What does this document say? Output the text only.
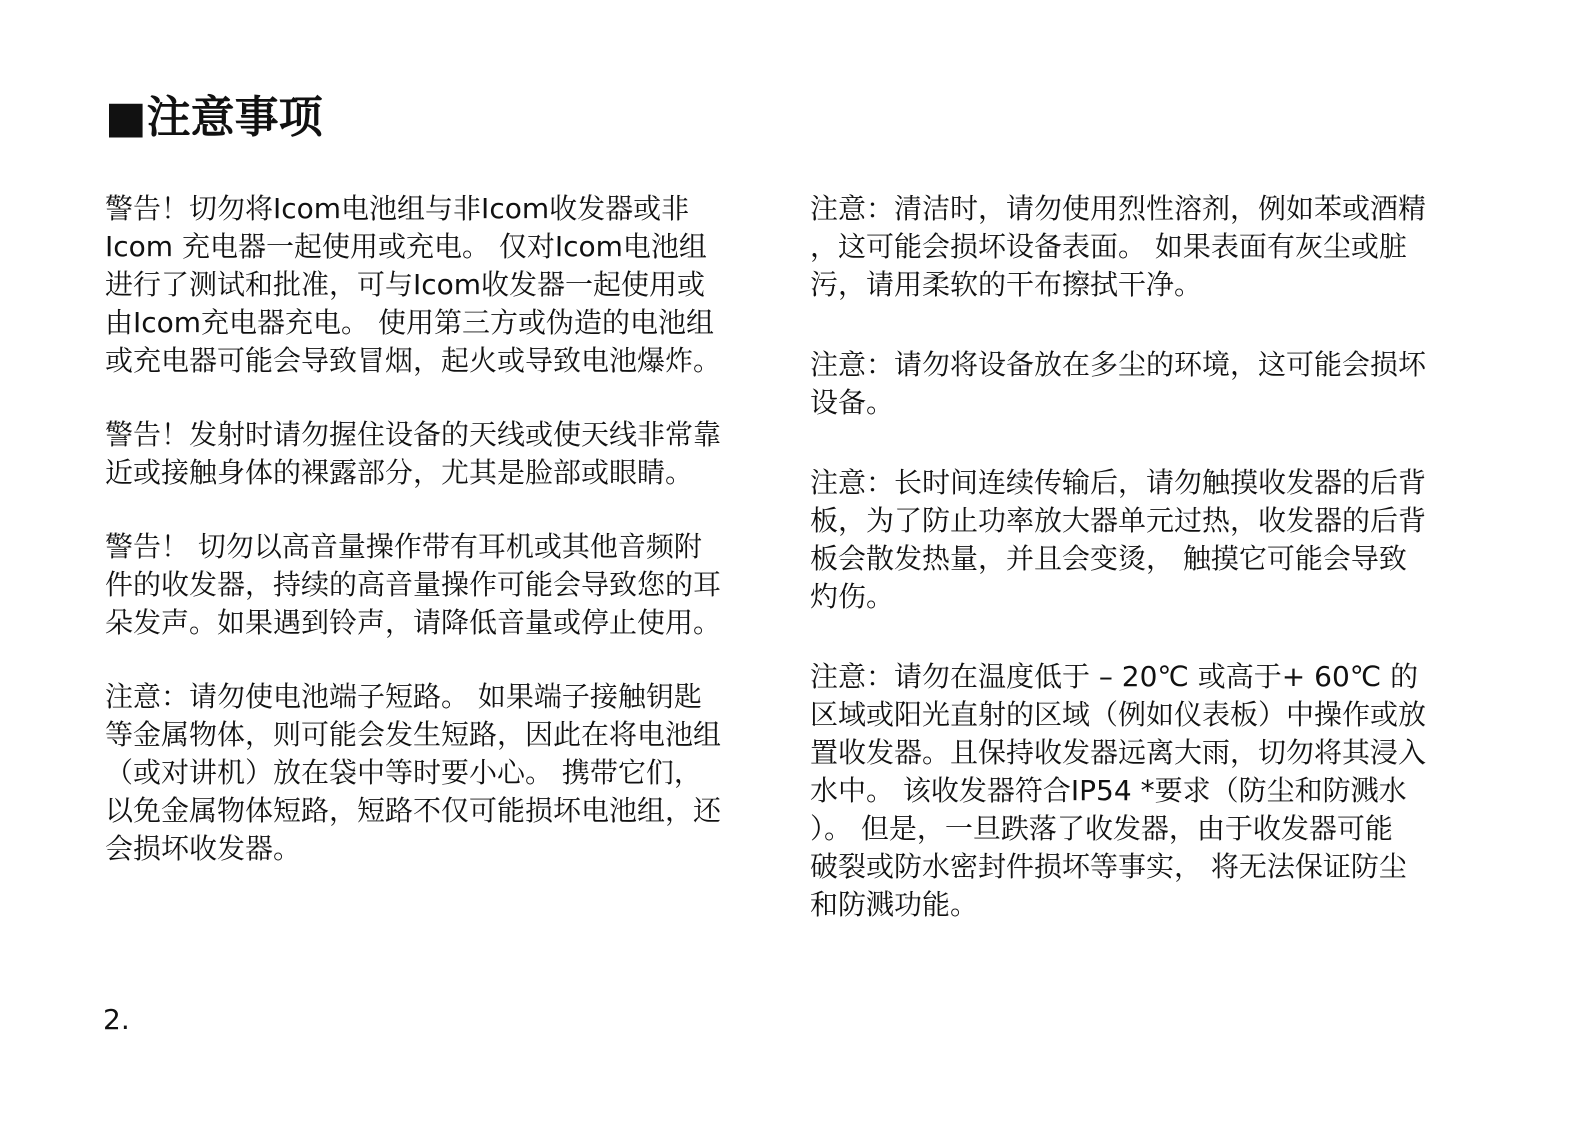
■注意事项

警告！切勿将Icom电池组与非Icom收发器或非
Icom 充电器一起使用或充电。 仅对Icom电池组
进行了测试和批准，可与Icom收发器一起使用或
由Icom充电器充电。 使用第三方或伪造的电池组
或充电器可能会导致冒烟，起火或导致电池爆炸。

警告！发射时请勿握住设备的天线或使天线非常靠
近或接触身体的裸露部分，尤其是脸部或眼睛。

警告！ 切勿以高音量操作带有耳机或其他音频附
件的收发器，持续的高音量操作可能会导致您的耳
朵发声。如果遇到铃声，请降低音量或停止使用。

注意：请勿使电池端子短路。 如果端子接触钥匙
等金属物体，则可能会发生短路，因此在将电池组
（或对讲机）放在袋中等时要小心。 携带它们，
以免金属物体短路，短路不仅可能损坏电池组，还
会损坏收发器。

注意：清洁时，请勿使用烈性溶剂，例如苯或酒精
，这可能会损坏设备表面。 如果表面有灰尘或脏
污，请用柔软的干布擦拭干净。

注意：请勿将设备放在多尘的环境，这可能会损坏
设备。

注意：长时间连续传输后，请勿触摸收发器的后背
板，为了防止功率放大器单元过热，收发器的后背
板会散发热量，并且会变烫， 触摸它可能会导致
灼伤。

注意：请勿在温度低于 – 20℃ 或高于+ 60℃ 的
区域或阳光直射的区域（例如仪表板）中操作或放
置收发器。且保持收发器远离大雨，切勿将其浸入
水中。 该收发器符合IP54 *要求（防尘和防溅水
）。 但是，一旦跌落了收发器，由于收发器可能
破裂或防水密封件损坏等事实， 将无法保证防尘
和防溅功能。

2.
